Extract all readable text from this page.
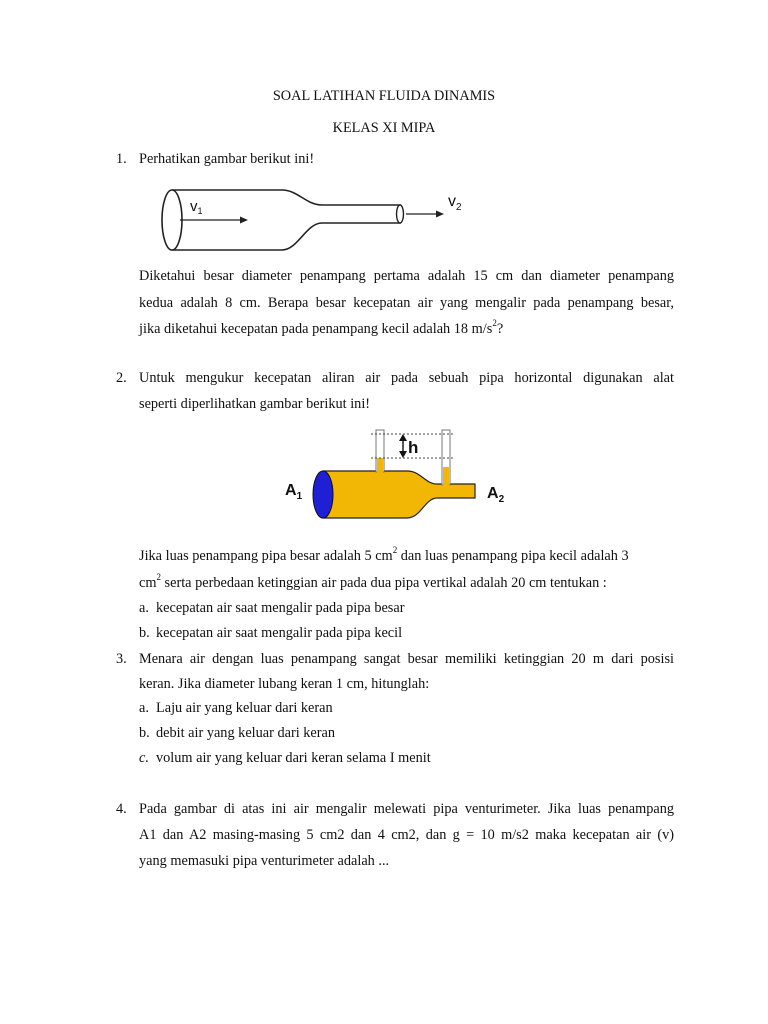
SOAL LATIHAN FLUIDA DINAMIS
KELAS XI MIPA
1. Perhatikan gambar berikut ini!
$v_1$
$v_2$
Diketahui besar diameter penampang pertama adalah 15 cm dan diameter penampang
kedua adalah 8 cm. Berapa besar kecepatan air yang mengalir pada penampang besar,
jika diketahui kecepatan pada penampang kecil adalah 18 $m/s^2$?
2. Untuk mengukur kecepatan aliran air pada sebuah pipa horizontal digunakan alat
seperti diperlihatkan gambar berikut ini!
h
$A_1$	$A_2$
Jika luas penampang pipa besar adalah 5 $cm^2$ dan luas penampang pipa kecil adalah 3
$cm^2$ serta perbedaan ketinggian air pada dua pipa vertikal adalah 20 cm tentukan :
a. kecepatan air saat mengalir pada pipa besar
b. kecepatan air saat mengalir pada pipa kecil
3. Menara air dengan luas penampang sangat besar memiliki ketinggian 20 m dari posisi
keran. Jika diameter lubang keran 1 cm, hitunglah:
a. Laju air yang keluar dari keran
b. debit air yang keluar dari keran
c. volum air yang keluar dari keran selama I menit
4. Pada gambar di atas ini air mengalir melewati pipa venturimeter. Jika luas penampang
A1 dan A2 masing-masing 5 cm2 dan 4 cm2, dan g = 10 m/s2 maka kecepatan air (v)
yang memasuki pipa venturimeter adalah ...
